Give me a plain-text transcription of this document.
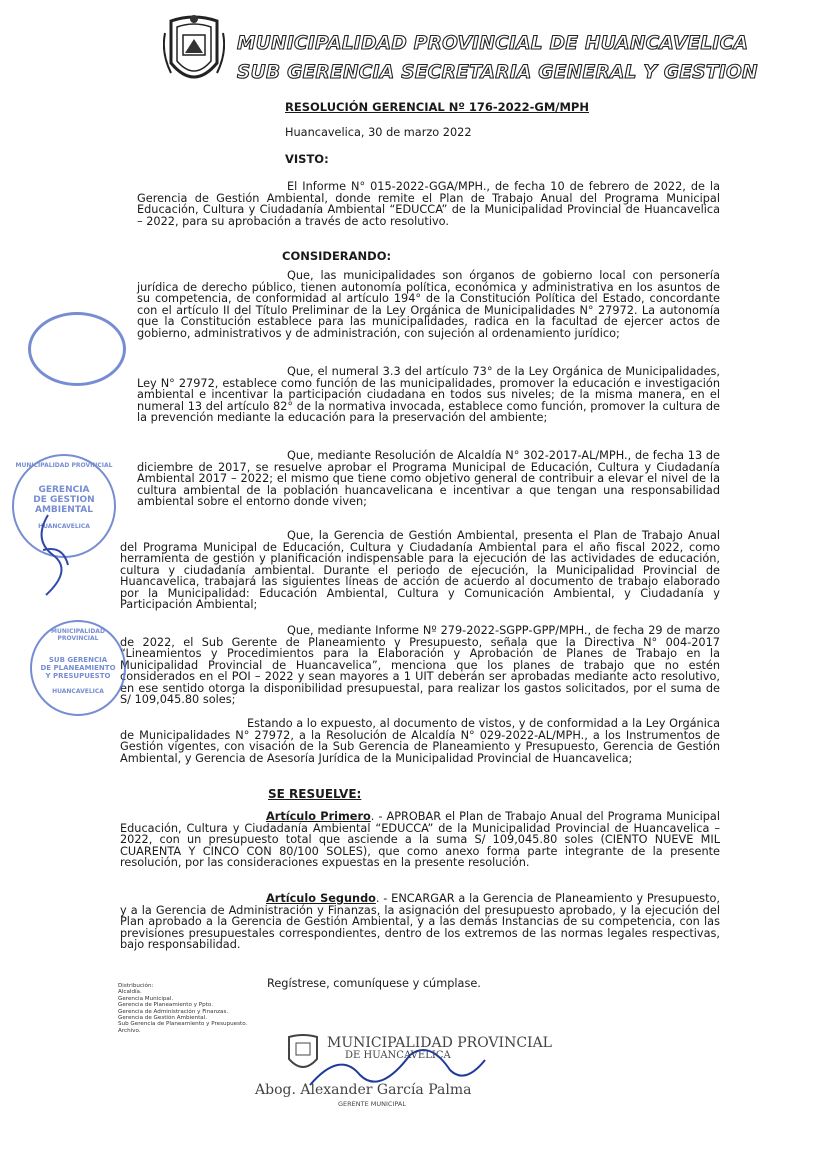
MUNICIPALIDAD PROVINCIAL DE HUANCAVELICA
SUB GERENCIA SECRETARIA GENERAL Y GESTION
RESOLUCIÓN GERENCIAL Nº 176-2022-GM/MPH
Huancavelica, 30 de marzo 2022
VISTO:
El Informe N° 015-2022-GGA/MPH., de fecha 10 de febrero de 2022, de la Gerencia de Gestión Ambiental, donde remite el Plan de Trabajo Anual del Programa Municipal Educación, Cultura y Ciudadanía Ambiental “EDUCCA” de la Municipalidad Provincial de Huancavelica – 2022, para su aprobación a través de acto resolutivo.
CONSIDERANDO:
Que, las municipalidades son órganos de gobierno local con personería jurídica de derecho público, tienen autonomía política, económica y administrativa en los asuntos de su competencia, de conformidad al artículo 194° de la Constitución Política del Estado, concordante con el artículo II del Título Preliminar de la Ley Orgánica de Municipalidades N° 27972. La autonomía que la Constitución establece para las municipalidades, radica en la facultad de ejercer actos de gobierno, administrativos y de administración, con sujeción al ordenamiento jurídico;
Que, el numeral 3.3 del artículo 73° de la Ley Orgánica de Municipalidades, Ley N° 27972, establece como función de las municipalidades, promover la educación e investigación ambiental e incentivar la participación ciudadana en todos sus niveles; de la misma manera, en el numeral 13 del artículo 82° de la normativa invocada, establece como función, promover la cultura de la prevención mediante la educación para la preservación del ambiente;
Que, mediante Resolución de Alcaldía N° 302-2017-AL/MPH., de fecha 13 de diciembre de 2017, se resuelve aprobar el Programa Municipal de Educación, Cultura y Ciudadanía Ambiental 2017 – 2022; el mismo que tiene como objetivo general de contribuir a elevar el nivel de la cultura ambiental de la población huancavelicana e incentivar a que tengan una responsabilidad ambiental sobre el entorno donde viven;
Que, la Gerencia de Gestión Ambiental, presenta el Plan de Trabajo Anual del Programa Municipal de Educación, Cultura y Ciudadanía Ambiental para el año fiscal 2022, como herramienta de gestión y planificación indispensable para la ejecución de las actividades de educación, cultura y ciudadanía ambiental. Durante el periodo de ejecución, la Municipalidad Provincial de Huancavelica, trabajará las siguientes líneas de acción de acuerdo al documento de trabajo elaborado por la Municipalidad: Educación Ambiental, Cultura y Comunicación Ambiental, y Ciudadanía y Participación Ambiental;
Que, mediante Informe Nº 279-2022-SGPP-GPP/MPH., de fecha 29 de marzo de 2022, el Sub Gerente de Planeamiento y Presupuesto, señala que la Directiva N° 004-2017 “Lineamientos y Procedimientos para la Elaboración y Aprobación de Planes de Trabajo en la Municipalidad Provincial de Huancavelica”, menciona que los planes de trabajo que no estén considerados en el POI – 2022 y sean mayores a 1 UIT deberán ser aprobadas mediante acto resolutivo, en ese sentido otorga la disponibilidad presupuestal, para realizar los gastos solicitados, por el suma de S/ 109,045.80 soles;
Estando a lo expuesto, al documento de vistos, y de conformidad a la Ley Orgánica de Municipalidades N° 27972, a la Resolución de Alcaldía N° 029-2022-AL/MPH., a los Instrumentos de Gestión vigentes, con visación de la Sub Gerencia de Planeamiento y Presupuesto, Gerencia de Gestión Ambiental, y Gerencia de Asesoría Jurídica de la Municipalidad Provincial de Huancavelica;
SE RESUELVE:
Artículo Primero. - APROBAR el Plan de Trabajo Anual del Programa Municipal Educación, Cultura y Ciudadanía Ambiental “EDUCCA” de la Municipalidad Provincial de Huancavelica – 2022, con un presupuesto total que asciende a la suma S/ 109,045.80 soles (CIENTO NUEVE MIL CUARENTA Y CINCO CON 80/100 SOLES), que como anexo forma parte integrante de la presente resolución, por las consideraciones expuestas en la presente resolución.
Artículo Segundo. - ENCARGAR a la Gerencia de Planeamiento y Presupuesto, y a la Gerencia de Administración y Finanzas, la asignación del presupuesto aprobado, y la ejecución del Plan aprobado a la Gerencia de Gestión Ambiental, y a las demás Instancias de su competencia, con las previsiones presupuestales correspondientes, dentro de los extremos de las normas legales respectivas, bajo responsabilidad.
Regístrese, comuníquese y cúmplase.
Distribución:
Alcaldía.
Gerencia Municipal.
Gerencia de Planeamiento y Ppto.
Gerencia de Administración y Finanzas.
Gerencia de Gestión Ambiental.
Sub Gerencia de Planeamiento y Presupuesto.
Archivo.
MUNICIPALIDAD PROVINCIAL
GERENCIA
DE GESTION
AMBIENTAL
HUANCAVELICA
MUNICIPALIDAD PROVINCIAL
SUB GERENCIA
DE PLANEAMIENTO
Y PRESUPUESTO
HUANCAVELICA
MUNICIPALIDAD PROVINCIAL
DE HUANCAVELICA
Abog. Alexander García Palma
GERENTE MUNICIPAL
